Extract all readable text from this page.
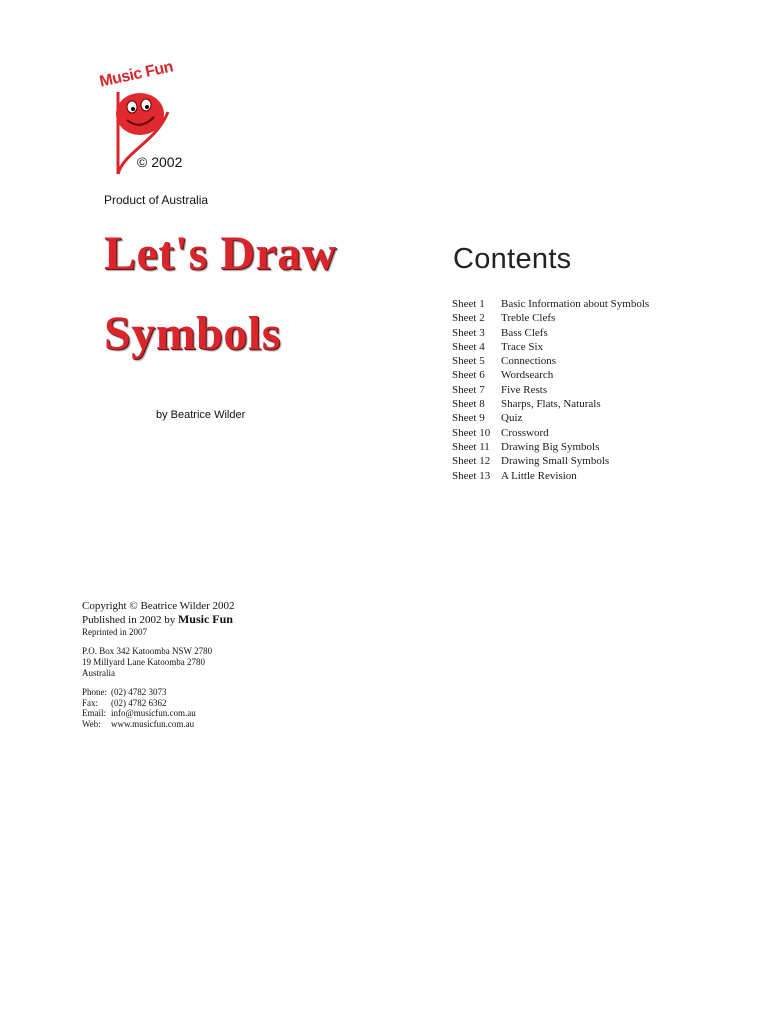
Music Fun
© 2002
Product of Australia
Let's Draw
Symbols
by Beatrice Wilder
Contents
Sheet 1	Basic Information about Symbols
Sheet 2	Treble Clefs
Sheet 3	Bass Clefs
Sheet 4	Trace Six
Sheet 5	Connections
Sheet 6	Wordsearch
Sheet 7	Five Rests
Sheet 8	Sharps, Flats, Naturals
Sheet 9	Quiz
Sheet 10 Crossword
Sheet 11	Drawing Big Symbols
Sheet 12 Drawing Small Symbols
Sheet 13 A Little Revision
Copyright © Beatrice Wilder 2002
Published in 2002 by Music Fun
Reprinted in 2007
P.O. Box 342 Katoomba NSW 2780
19 Millyard Lane Katoomba 2780
Australia
Phone: (02) 4782 3073
Fax:	(02) 4782 6362
Email: info@musicfun.com.au
Web:	www.musicfun.com.au
